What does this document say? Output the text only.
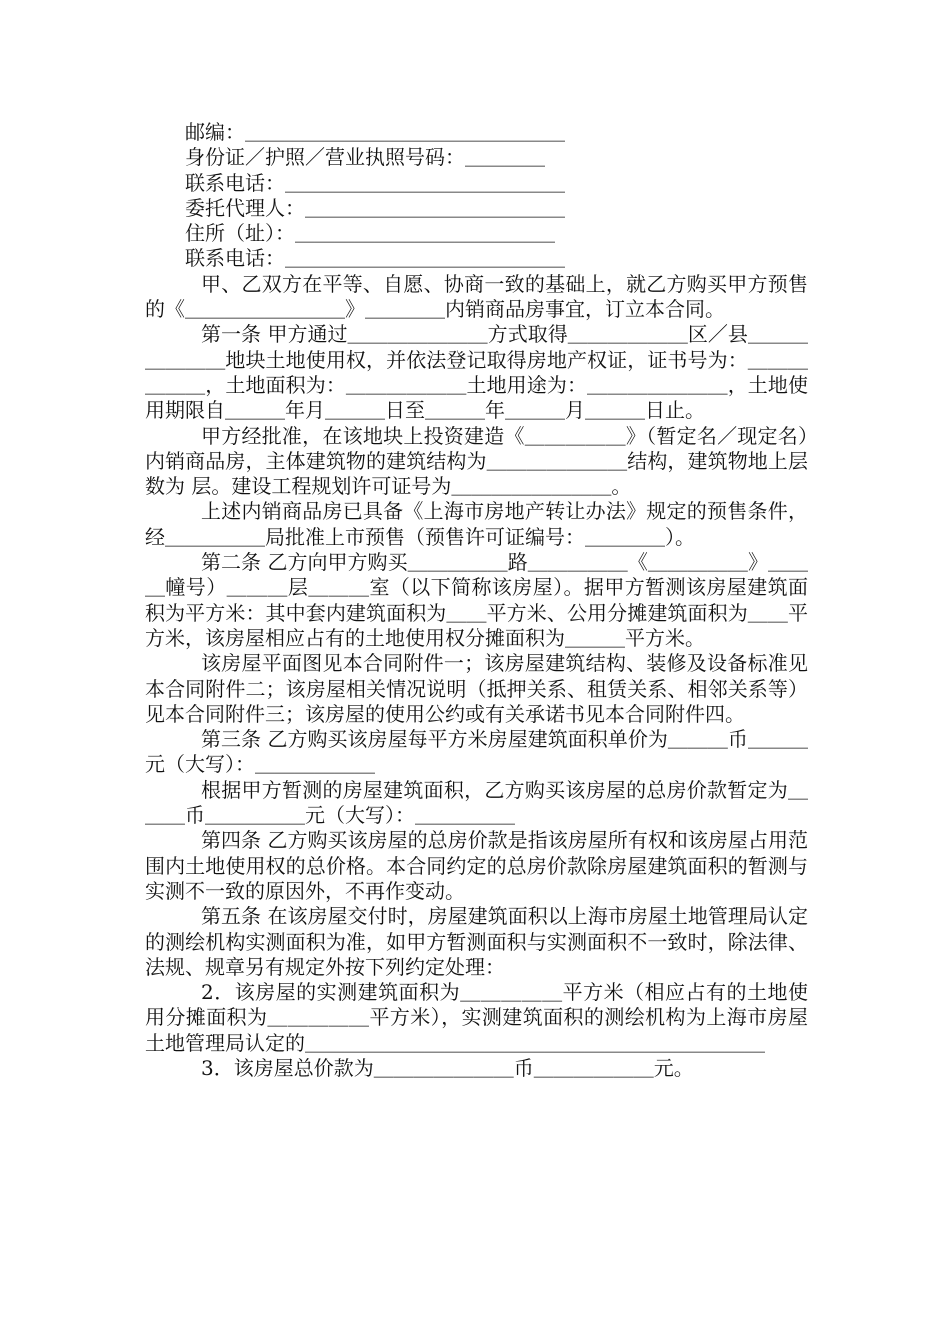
　　邮编：＿＿＿＿＿＿＿＿＿＿＿＿＿＿＿＿

　　身份证／护照／营业执照号码：＿＿＿＿

　　联系电话：＿＿＿＿＿＿＿＿＿＿＿＿＿＿

　　委托代理人：＿＿＿＿＿＿＿＿＿＿＿＿＿

　　住所（址）：＿＿＿＿＿＿＿＿＿＿＿＿＿

　　联系电话：＿＿＿＿＿＿＿＿＿＿＿＿＿＿

甲、乙双方在平等、自愿、协商一致的基础上，就乙方购买甲方预售的《＿＿＿＿＿＿＿＿》＿＿＿＿内销商品房事宜，订立本合同。

第一条 甲方通过＿＿＿＿＿＿＿方式取得＿＿＿＿＿＿区／县＿＿＿＿＿＿＿地块土地使用权，并依法登记取得房地产权证，证书号为：＿＿＿＿＿＿，土地面积为：＿＿＿＿＿＿土地用途为：＿＿＿＿＿＿＿，土地使用期限自＿＿＿年月＿＿＿日至＿＿＿年＿＿＿月＿＿＿日止。

甲方经批准，在该地块上投资建造《＿＿＿＿＿》（暂定名／现定名）内销商品房，主体建筑物的建筑结构为＿＿＿＿＿＿＿结构，建筑物地上层数为 层。建设工程规划许可证号为＿＿＿＿＿＿＿＿。

上述内销商品房已具备《上海市房地产转让办法》规定的预售条件，经＿＿＿＿＿局批准上市预售（预售许可证编号：＿＿＿＿）。

第二条 乙方向甲方购买＿＿＿＿＿路＿＿＿＿＿《＿＿＿＿＿》＿＿＿幢号）＿＿＿层＿＿＿室（以下简称该房屋）。据甲方暂测该房屋建筑面积为平方米：其中套内建筑面积为＿＿平方米、公用分摊建筑面积为＿＿平方米，该房屋相应占有的土地使用权分摊面积为＿＿＿平方米。

该房屋平面图见本合同附件一；该房屋建筑结构、装修及设备标准见本合同附件二；该房屋相关情况说明（抵押关系、租赁关系、相邻关系等）见本合同附件三；该房屋的使用公约或有关承诺书见本合同附件四。

第三条 乙方购买该房屋每平方米房屋建筑面积单价为＿＿＿币＿＿＿元（大写）：＿＿＿＿＿＿

根据甲方暂测的房屋建筑面积，乙方购买该房屋的总房价款暂定为＿＿＿币＿＿＿＿＿元（大写）：＿＿＿＿＿

第四条 乙方购买该房屋的总房价款是指该房屋所有权和该房屋占用范围内土地使用权的总价格。本合同约定的总房价款除房屋建筑面积的暂测与实测不一致的原因外，不再作变动。

第五条 在该房屋交付时，房屋建筑面积以上海市房屋土地管理局认定的测绘机构实测面积为准，如甲方暂测面积与实测面积不一致时，除法律、法规、规章另有规定外按下列约定处理：

2．该房屋的实测建筑面积为＿＿＿＿＿平方米（相应占有的土地使用分摊面积为＿＿＿＿＿平方米），实测建筑面积的测绘机构为上海市房屋土地管理局认定的＿＿＿＿＿＿＿＿＿＿＿＿＿＿＿＿＿＿＿＿＿＿＿

3．该房屋总价款为＿＿＿＿＿＿＿币＿＿＿＿＿＿元。
